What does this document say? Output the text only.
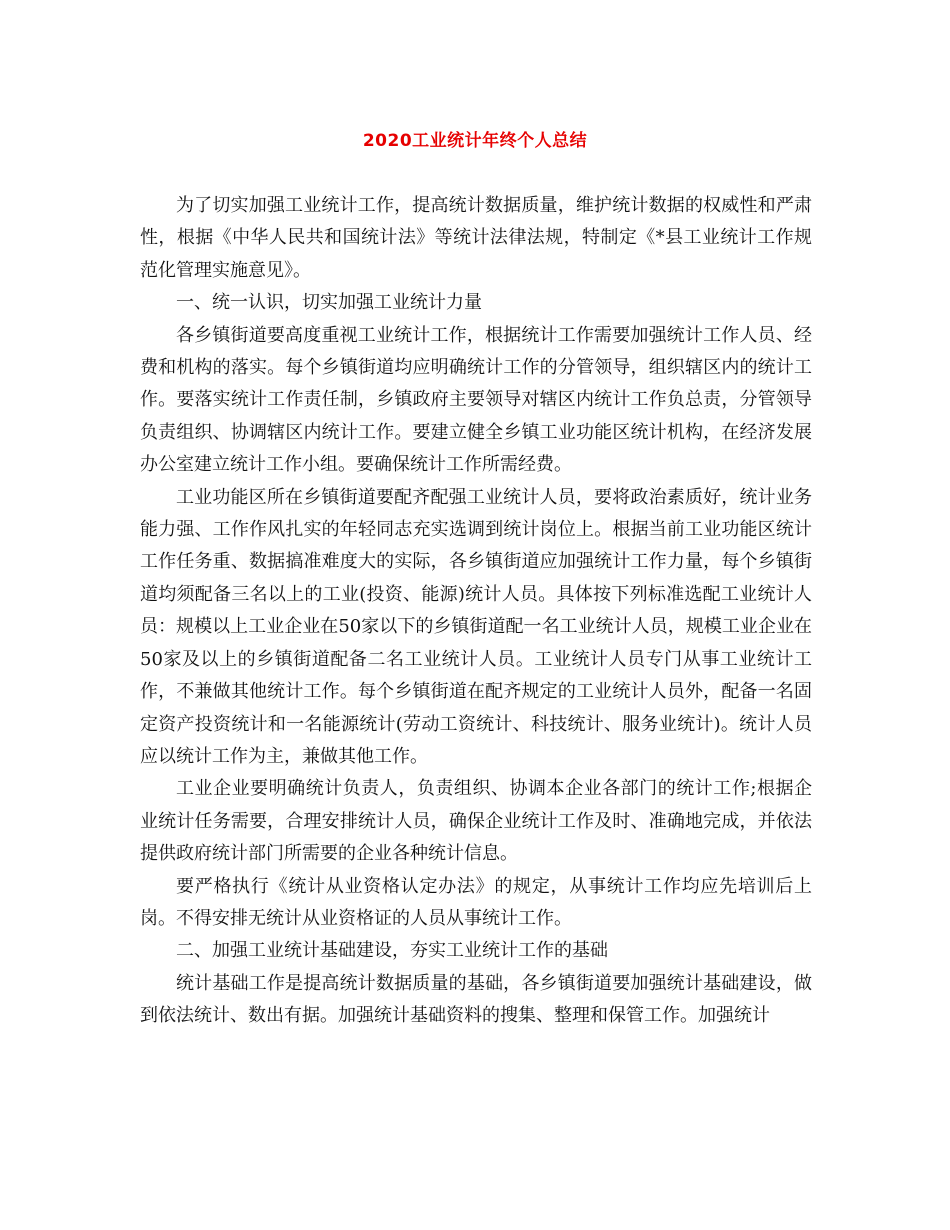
2020工业统计年终个人总结

为了切实加强工业统计工作，提高统计数据质量，维护统计数据的权威性和严肃性，根据《中华人民共和国统计法》等统计法律法规，特制定《*县工业统计工作规范化管理实施意见》。

一、统一认识，切实加强工业统计力量

各乡镇街道要高度重视工业统计工作，根据统计工作需要加强统计工作人员、经费和机构的落实。每个乡镇街道均应明确统计工作的分管领导，组织辖区内的统计工作。要落实统计工作责任制，乡镇政府主要领导对辖区内统计工作负总责，分管领导负责组织、协调辖区内统计工作。要建立健全乡镇工业功能区统计机构，在经济发展办公室建立统计工作小组。要确保统计工作所需经费。

工业功能区所在乡镇街道要配齐配强工业统计人员，要将政治素质好，统计业务能力强、工作作风扎实的年轻同志充实选调到统计岗位上。根据当前工业功能区统计工作任务重、数据搞准难度大的实际，各乡镇街道应加强统计工作力量，每个乡镇街道均须配备三名以上的工业(投资、能源)统计人员。具体按下列标准选配工业统计人员：规模以上工业企业在50家以下的乡镇街道配一名工业统计人员，规模工业企业在50家及以上的乡镇街道配备二名工业统计人员。工业统计人员专门从事工业统计工作，不兼做其他统计工作。每个乡镇街道在配齐规定的工业统计人员外，配备一名固定资产投资统计和一名能源统计(劳动工资统计、科技统计、服务业统计)。统计人员应以统计工作为主，兼做其他工作。

工业企业要明确统计负责人，负责组织、协调本企业各部门的统计工作;根据企业统计任务需要，合理安排统计人员，确保企业统计工作及时、准确地完成，并依法提供政府统计部门所需要的企业各种统计信息。

要严格执行《统计从业资格认定办法》的规定，从事统计工作均应先培训后上岗。不得安排无统计从业资格证的人员从事统计工作。

二、加强工业统计基础建设，夯实工业统计工作的基础

统计基础工作是提高统计数据质量的基础，各乡镇街道要加强统计基础建设，做到依法统计、数出有据。加强统计基础资料的搜集、整理和保管工作。加强统计
